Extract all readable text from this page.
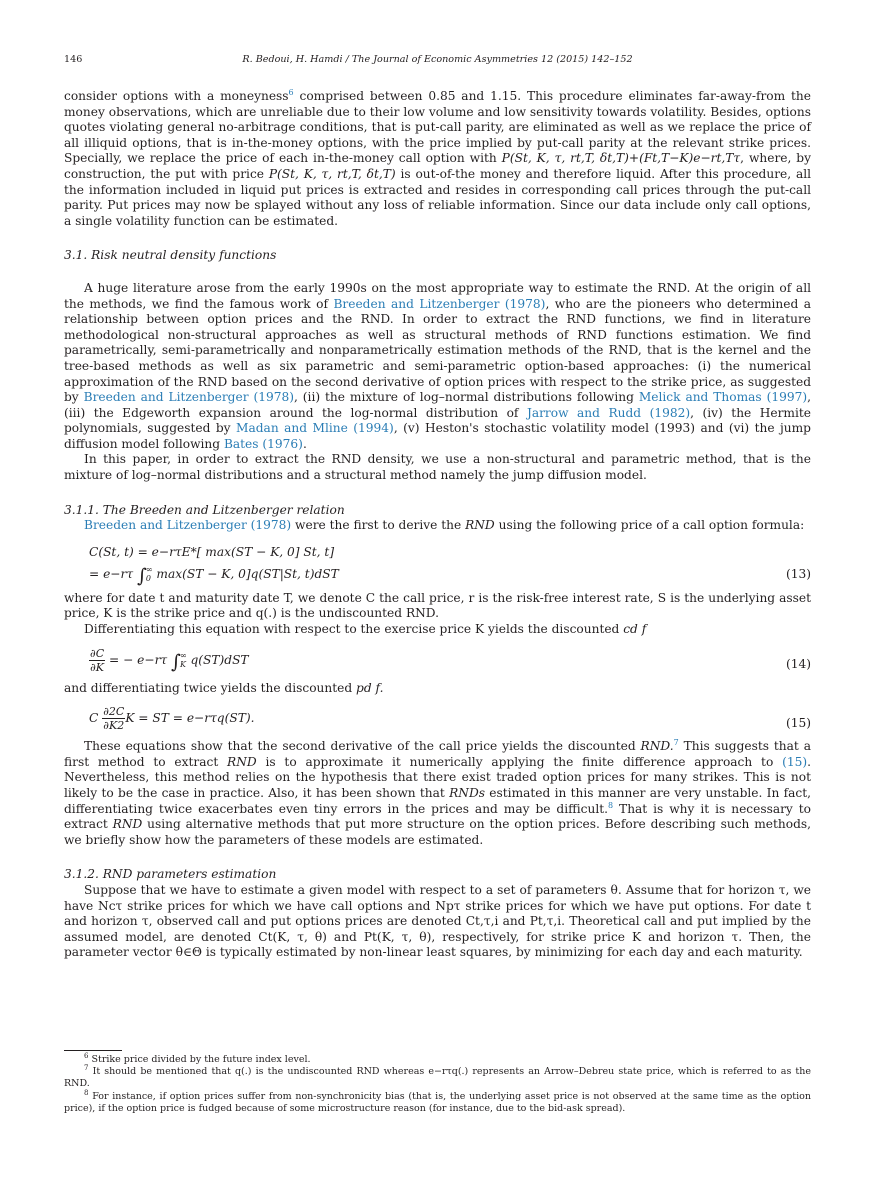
146	R. Bedoui, H. Hamdi / The Journal of Economic Asymmetries 12 (2015) 142–152

consider options with a moneyness$^6$ comprised between 0.85 and 1.15. This procedure eliminates far-away-from the money observations, which are unreliable due to their low volume and low sensitivity towards volatility. Besides, options quotes violating general no-arbitrage conditions, that is put-call parity, are eliminated as well as we replace the price of all illiquid options, that is in-the-money options, with the price implied by put-call parity at the relevant strike prices. Specially, we replace the price of each in-the-money call option with P(St, K, τ, rt,T, δt,T)+(Ft,T−K)e−rt,Tτ, where, by construction, the put with price P(St, K, τ, rt,T, δt,T) is out-of-the money and therefore liquid. After this procedure, all the information included in liquid put prices is extracted and resides in corresponding call prices through the put-call parity. Put prices may now be splayed without any loss of reliable information. Since our data include only call options, a single volatility function can be estimated.

3.1. Risk neutral density functions

A huge literature arose from the early 1990s on the most appropriate way to estimate the RND. At the origin of all the methods, we find the famous work of Breeden and Litzenberger (1978), who are the pioneers who determined a relationship between option prices and the RND. In order to extract the RND functions, we find in literature methodological non-structural approaches as well as structural methods of RND functions estimation. We find parametrically, semi-parametrically and nonparametrically estimation methods of the RND, that is the kernel and the tree-based methods as well as six parametric and semi-parametric option-based approaches: (i) the numerical approximation of the RND based on the second derivative of option prices with respect to the strike price, as suggested by Breeden and Litzenberger (1978), (ii) the mixture of log–normal distributions following Melick and Thomas (1997), (iii) the Edgeworth expansion around the log-normal distribution of Jarrow and Rudd (1982), (iv) the Hermite polynomials, suggested by Madan and Mline (1994), (v) Heston's stochastic volatility model (1993) and (vi) the jump diffusion model following Bates (1976).

In this paper, in order to extract the RND density, we use a non-structural and parametric method, that is the mixture of log–normal distributions and a structural method namely the jump diffusion model.

3.1.1. The Breeden and Litzenberger relation

Breeden and Litzenberger (1978) were the first to derive the RND using the following price of a call option formula:

C(St, t) = e−rτE*[ max(ST − K, 0] St, t]
= e−rτ ∫∞
0 max(ST − K, 0]q(ST|St, t)dST	(13)

where for date t and maturity date T, we denote C the call price, r is the risk-free interest rate, S is the underlying asset price, K is the strike price and q(.) is the undiscounted RND.

Differentiating this equation with respect to the exercise price K yields the discounted cd f

$\frac{\partial C}{\partial K}$ = − e−rτ ∫∞
K q(ST)dST	(14)

and differentiating twice yields the discounted pd f.

C $\frac{\partial 2C}{\partial K2}$ K = ST = e−rτq(ST).	(15)

These equations show that the second derivative of the call price yields the discounted RND.$^7$ This suggests that a first method to extract RND is to approximate it numerically applying the finite difference approach to (15). Nevertheless, this method relies on the hypothesis that there exist traded option prices for many strikes. This is not likely to be the case in practice. Also, it has been shown that RNDs estimated in this manner are very unstable. In fact, differentiating twice exacerbates even tiny errors in the prices and may be difficult.$^8$ That is why it is necessary to extract RND using alternative methods that put more structure on the option prices. Before describing such methods, we briefly show how the parameters of these models are estimated.

3.1.2. RND parameters estimation

Suppose that we have to estimate a given model with respect to a set of parameters θ. Assume that for horizon τ, we have Ncτ strike prices for which we have call options and Npτ strike prices for which we have put options. For date t and horizon τ, observed call and put options prices are denoted Ct,τ,i and Pt,τ,i. Theoretical call and put implied by the assumed model, are denoted Ct(K, τ, θ) and Pt(K, τ, θ), respectively, for strike price K and horizon τ. Then, the parameter vector θ∈Θ is typically estimated by non-linear least squares, by minimizing for each day and each maturity.

$^6$ Strike price divided by the future index level.

$^7$ It should be mentioned that q(.) is the undiscounted RND whereas e−rτq(.) represents an Arrow–Debreu state price, which is referred to as the RND.

$^8$ For instance, if option prices suffer from non-synchronicity bias (that is, the underlying asset price is not observed at the same time as the option price), if the option price is fudged because of some microstructure reason (for instance, due to the bid-ask spread).
